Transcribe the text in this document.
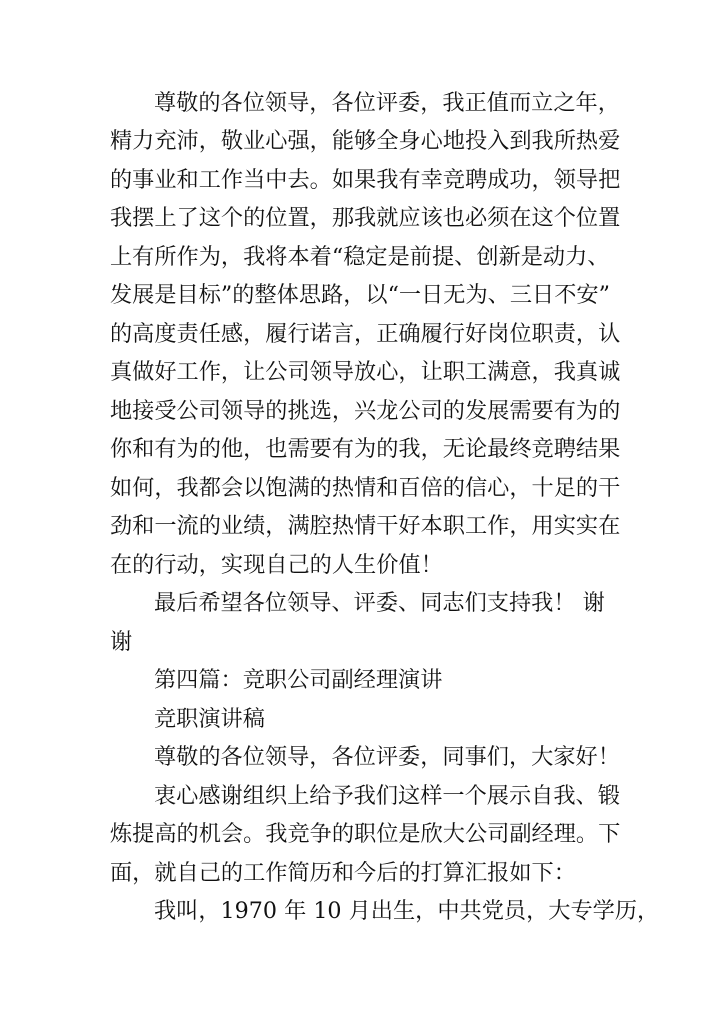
尊敬的各位领导，各位评委，我正值而立之年，
精力充沛，敬业心强，能够全身心地投入到我所热爱
的事业和工作当中去。如果我有幸竞聘成功，领导把
我摆上了这个的位置，那我就应该也必须在这个位置
上有所作为，我将本着“稳定是前提、创新是动力、
发展是目标”的整体思路，以“一日无为、三日不安”
的高度责任感，履行诺言，正确履行好岗位职责，认
真做好工作，让公司领导放心，让职工满意，我真诚
地接受公司领导的挑选，兴龙公司的发展需要有为的
你和有为的他，也需要有为的我，无论最终竞聘结果
如何，我都会以饱满的热情和百倍的信心，十足的干
劲和一流的业绩，满腔热情干好本职工作，用实实在
在的行动，实现自己的人生价值！
最后希望各位领导、评委、同志们支持我！ 谢
谢
第四篇：竞职公司副经理演讲
竞职演讲稿
尊敬的各位领导，各位评委，同事们，大家好！
衷心感谢组织上给予我们这样一个展示自我、锻
炼提高的机会。我竞争的职位是欣大公司副经理。下
面，就自己的工作简历和今后的打算汇报如下：
我叫，1970 年 10 月出生，中共党员，大专学历，
